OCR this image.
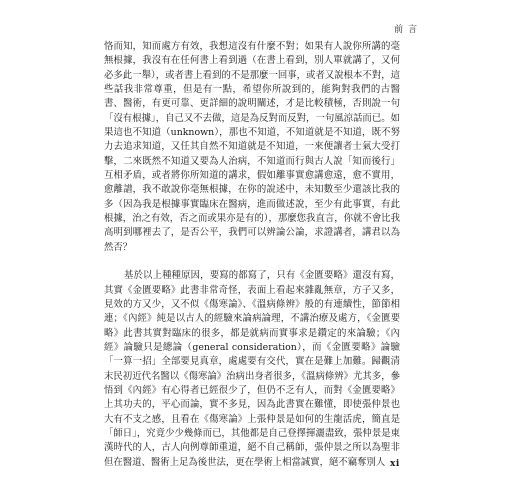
前 言

恪而知，知而處方有效，我想這沒有什麼不對；如果有人說你所講的毫無根據，我沒有在任何書上看到過（在書上看到，別人單就講了，又何必多此一舉），或者書上看到的不是那麼一回事，或者又說根本不對，這些話我非常尊重，但是有一點，希望你所說到的，能夠對我們的古醫書、醫術，有更可靠、更詳細的說明闡述，才是比較積極，否則說一句「沒有根據」，自己又不去做，這是為反對而反對，一句風涼話而已。如果這也不知道（unknown），那也不知道，不知道就是不知道，既不努力去追求知道，又任其自然不知道就是不知道，一來便讓者士氣大受打擊，二來既然不知道又要為人治病，不知道而行與古人說「知而後行」互相矛盾，或者將你所知道的講求，假如離事實愈講愈遠，愈不實用，愈離譜，我不敢說你毫無根據，在你的說述中，未知數至少還該比我的多（因為我是根據事實臨床在醫病，進而做述說，至少有此事實，有此根據，治之有效，否之而或果亦是有的），那麼您我直言，你就不會比我高明到哪裡去了，是否公平，我們可以辨論公論，求證講者，講君以為然否？

基於以上種種原因，要寫的都寫了，只有《金匱要略》還沒有寫，其實《金匱要略》此書非常奇怪，表面上看起來雜亂無章，方子又多，見效的方又少，又不似《傷寒論》、《溫病條辨》般的有連續性，節節相連；《內經》純是以古人的經驗來論病論理，不講治療及處方，《金匱要略》此書其實對臨床的很多，都是就病而實事求是鑽定的來論驗；《內經》論驗只是總論（general consideration），而《金匱要略》論驗「一算一招」全部要見真章，處處要有交代，實在是難上加難。歸觀清末民初近代名醫以《傷寒論》治病出身者很多，《溫病條辨》尤其多，參悟到《內經》有心得者已經很少了，但仍不乏有人，而對《金匱要略》上其功夫的，平心而論，實不多見，因為此書實在難懂，即使張仲景也大有不支之感，且看在《傷寒論》上張仲景是如何的生龍活虎，簡直是「師日」，究竟少少幾條而已，其他都是自己登擇揮灑盡致，張仲景是東漢時代的人，古人向例尊師重道，絕不自己稱師，張仲景之所以為聖非但在醫道、醫術上足為後世法，更在學術上相當誠實，絕不竊奪別人 xi
